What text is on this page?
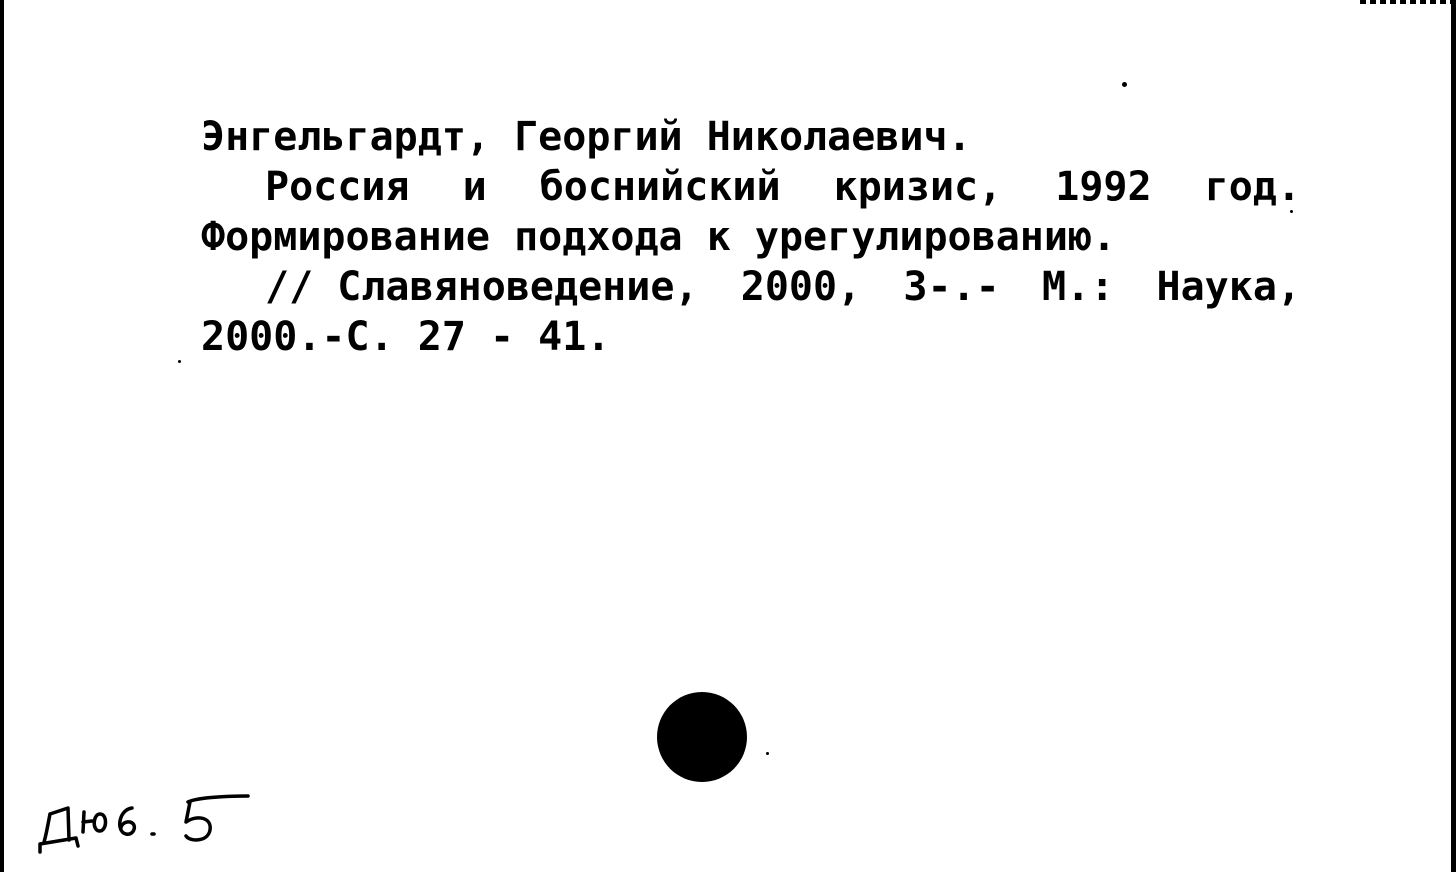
Энгельгардт, Георгий Николаевич.
Россия и боснийский кризис, 1992 год.
Формирование подхода к урегулированию.
// Славяноведение, 2000, 3-.- М.: Наука,
2000.-С. 27 - 41.
